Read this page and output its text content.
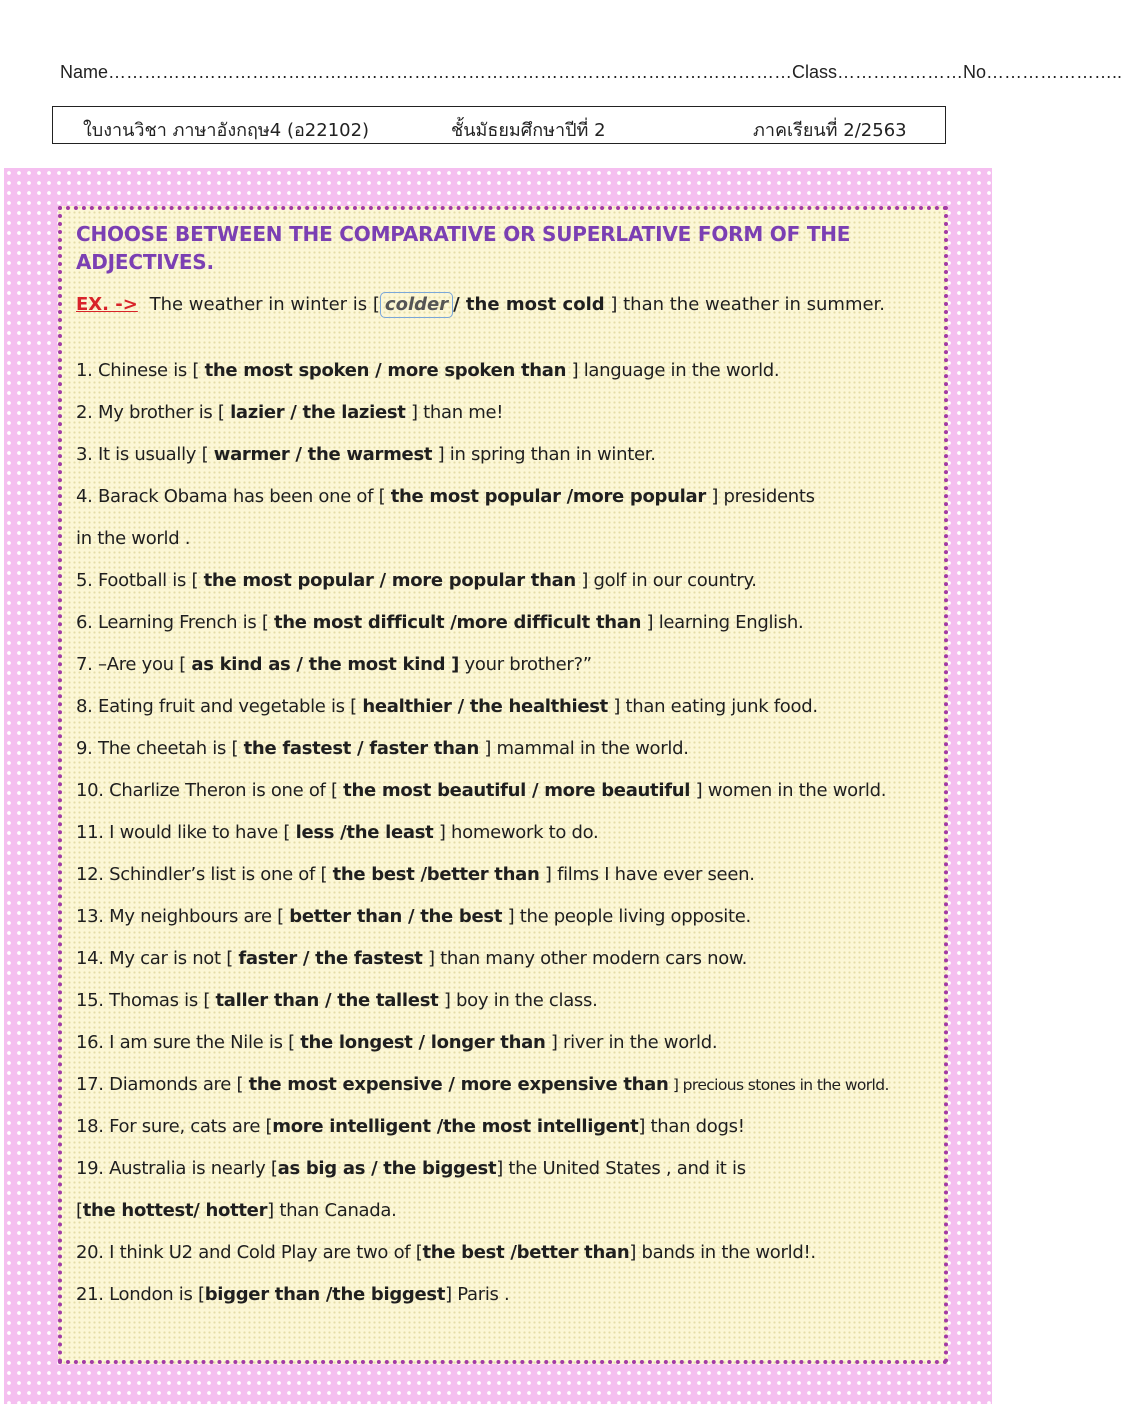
Name……………………………………………………………………………………………………Class…………………No…………………..
ใบงานวิชา ภาษาอังกฤษ4 (อ22102)	ชั้นมัธยมศึกษาปีที่ 2	ภาคเรียนที่ 2/2563
CHOOSE BETWEEN THE COMPARATIVE OR SUPERLATIVE FORM OF THE ADJECTIVES.
EX. -> The weather in winter is [ colder / the most cold ] than the weather in summer.
1. Chinese is [ the most spoken / more spoken than ] language in the world.
2. My brother is [ lazier / the laziest ] than me!
3. It is usually [ warmer / the warmest ] in spring than in winter.
4. Barack Obama has been one of [ the most popular /more popular ] presidents
in the world .
5. Football is [ the most popular / more popular than ] golf in our country.
6. Learning French is [ the most difficult /more difficult than ] learning English.
7. –Are you [ as kind as / the most kind ] your brother?”
8. Eating fruit and vegetable is [ healthier / the healthiest ] than eating junk food.
9. The cheetah is [ the fastest / faster than ] mammal in the world.
10. Charlize Theron is one of [ the most beautiful / more beautiful ] women in the world.
11. I would like to have [ less /the least ] homework to do.
12. Schindler’s list is one of [ the best /better than ] films I have ever seen.
13. My neighbours are [ better than / the best ] the people living opposite.
14. My car is not [ faster / the fastest ] than many other modern cars now.
15. Thomas is [ taller than / the tallest ] boy in the class.
16. I am sure the Nile is [ the longest / longer than ] river in the world.
17. Diamonds are [ the most expensive / more expensive than ] precious stones in the world.
18. For sure, cats are [more intelligent /the most intelligent] than dogs!
19. Australia is nearly [as big as / the biggest] the United States , and it is
[the hottest/ hotter] than Canada.
20. I think U2 and Cold Play are two of [the best /better than] bands in the world!.
21. London is [bigger than /the biggest] Paris .
